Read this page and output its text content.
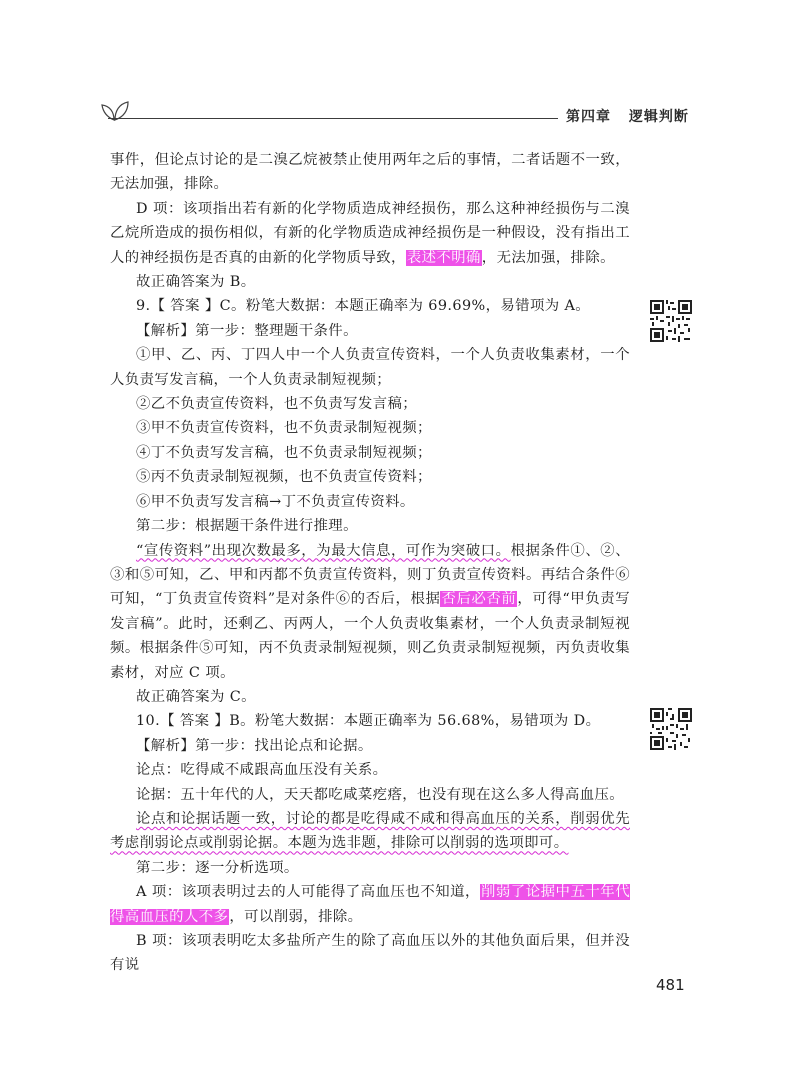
第四章 逻辑判断

事件，但论点讨论的是二溴乙烷被禁止使用两年之后的事情，二者话题不一致，无法加强，排除。

D 项：该项指出若有新的化学物质造成神经损伤，那么这种神经损伤与二溴乙烷所造成的损伤相似，有新的化学物质造成神经损伤是一种假设，没有指出工人的神经损伤是否真的由新的化学物质导致，表述不明确，无法加强，排除。

故正确答案为 B。

9.【 答案 】C。粉笔大数据：本题正确率为 69.69%，易错项为 A。

【解析】第一步：整理题干条件。

①甲、乙、丙、丁四人中一个人负责宣传资料，一个人负责收集素材，一个人负责写发言稿，一个人负责录制短视频；

②乙不负责宣传资料，也不负责写发言稿；

③甲不负责宣传资料，也不负责录制短视频；

④丁不负责写发言稿，也不负责录制短视频；

⑤丙不负责录制短视频，也不负责宣传资料；

⑥甲不负责写发言稿→丁不负责宣传资料。

第二步：根据题干条件进行推理。

“宣传资料”出现次数最多，为最大信息，可作为突破口。根据条件①、②、③和⑤可知，乙、甲和丙都不负责宣传资料，则丁负责宣传资料。再结合条件⑥可知，“丁负责宣传资料”是对条件⑥的否后，根据否后必否前，可得“甲负责写发言稿”。此时，还剩乙、丙两人，一个人负责收集素材，一个人负责录制短视频。根据条件⑤可知，丙不负责录制短视频，则乙负责录制短视频，丙负责收集素材，对应 C 项。

故正确答案为 C。

10.【 答案 】B。粉笔大数据：本题正确率为 56.68%，易错项为 D。

【解析】第一步：找出论点和论据。

论点：吃得咸不咸跟高血压没有关系。

论据：五十年代的人，天天都吃咸菜疙瘩，也没有现在这么多人得高血压。

论点和论据话题一致，讨论的都是吃得咸不咸和得高血压的关系，削弱优先考虑削弱论点或削弱论据。本题为选非题，排除可以削弱的选项即可。

第二步：逐一分析选项。

A 项：该项表明过去的人可能得了高血压也不知道，削弱了论据中五十年代得高血压的人不多，可以削弱，排除。

B 项：该项表明吃太多盐所产生的除了高血压以外的其他负面后果，但并没有说

481
